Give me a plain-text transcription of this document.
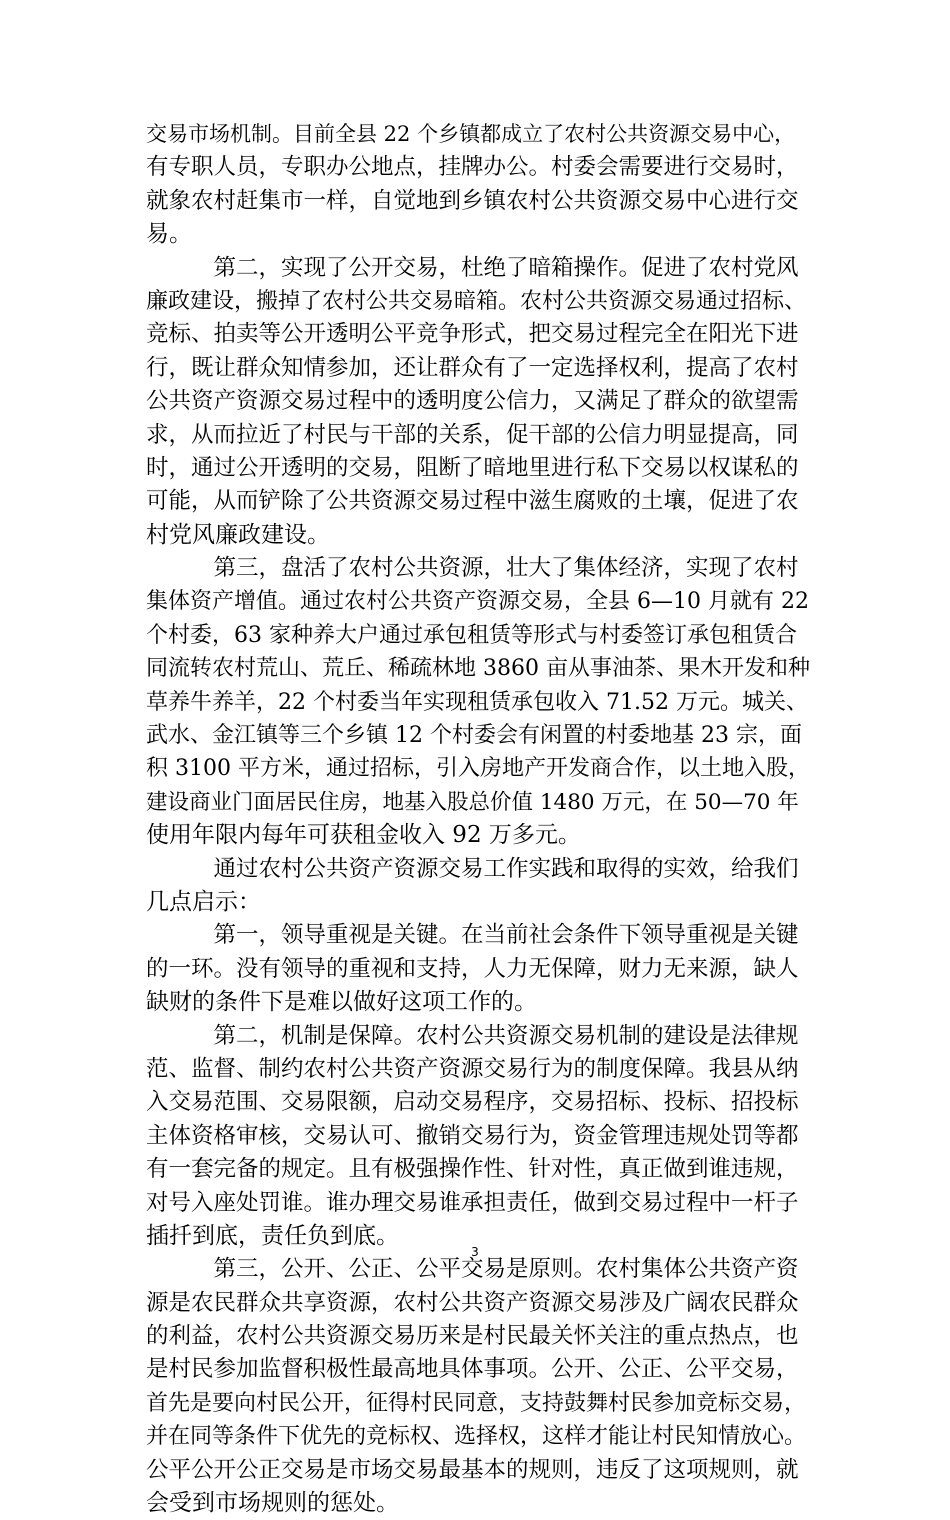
交易市场机制。目前全县 22 个乡镇都成立了农村公共资源交易中心，
有专职人员，专职办公地点，挂牌办公。村委会需要进行交易时，
就象农村赶集市一样，自觉地到乡镇农村公共资源交易中心进行交
易。
　　　第二，实现了公开交易，杜绝了暗箱操作。促进了农村党风
廉政建设，搬掉了农村公共交易暗箱。农村公共资源交易通过招标、
竞标、拍卖等公开透明公平竞争形式，把交易过程完全在阳光下进
行，既让群众知情参加，还让群众有了一定选择权利，提高了农村
公共资产资源交易过程中的透明度公信力，又满足了群众的欲望需
求，从而拉近了村民与干部的关系，促干部的公信力明显提高，同
时，通过公开透明的交易，阻断了暗地里进行私下交易以权谋私的
可能，从而铲除了公共资源交易过程中滋生腐败的土壤，促进了农
村党风廉政建设。
　　　第三，盘活了农村公共资源，壮大了集体经济，实现了农村
集体资产增值。通过农村公共资产资源交易，全县 6—10 月就有 22
个村委，63 家种养大户通过承包租赁等形式与村委签订承包租赁合
同流转农村荒山、荒丘、稀疏林地 3860 亩从事油茶、果木开发和种
草养牛养羊，22 个村委当年实现租赁承包收入 71.52 万元。城关、
武水、金江镇等三个乡镇 12 个村委会有闲置的村委地基 23 宗，面
积 3100 平方米，通过招标，引入房地产开发商合作，以土地入股，
建设商业门面居民住房，地基入股总价值 1480 万元，在 50—70 年
使用年限内每年可获租金收入 92 万多元。
　　　通过农村公共资产资源交易工作实践和取得的实效，给我们
几点启示：
　　　第一，领导重视是关键。在当前社会条件下领导重视是关键
的一环。没有领导的重视和支持，人力无保障，财力无来源，缺人
缺财的条件下是难以做好这项工作的。
　　　第二，机制是保障。农村公共资源交易机制的建设是法律规
范、监督、制约农村公共资产资源交易行为的制度保障。我县从纳
入交易范围、交易限额，启动交易程序，交易招标、投标、招投标
主体资格审核，交易认可、撤销交易行为，资金管理违规处罚等都
有一套完备的规定。且有极强操作性、针对性，真正做到谁违规，
对号入座处罚谁。谁办理交易谁承担责任，做到交易过程中一杆子
插扦到底，责任负到底。
　　　第三，公开、公正、公平交易是原则。农村集体公共资产资
源是农民群众共享资源，农村公共资产资源交易涉及广阔农民群众
的利益，农村公共资源交易历来是村民最关怀关注的重点热点，也
是村民参加监督积极性最高地具体事项。公开、公正、公平交易，
首先是要向村民公开，征得村民同意，支持鼓舞村民参加竞标交易，
并在同等条件下优先的竞标权、选择权，这样才能让村民知情放心。
公平公开公正交易是市场交易最基本的规则，违反了这项规则，就
会受到市场规则的惩处。
3
